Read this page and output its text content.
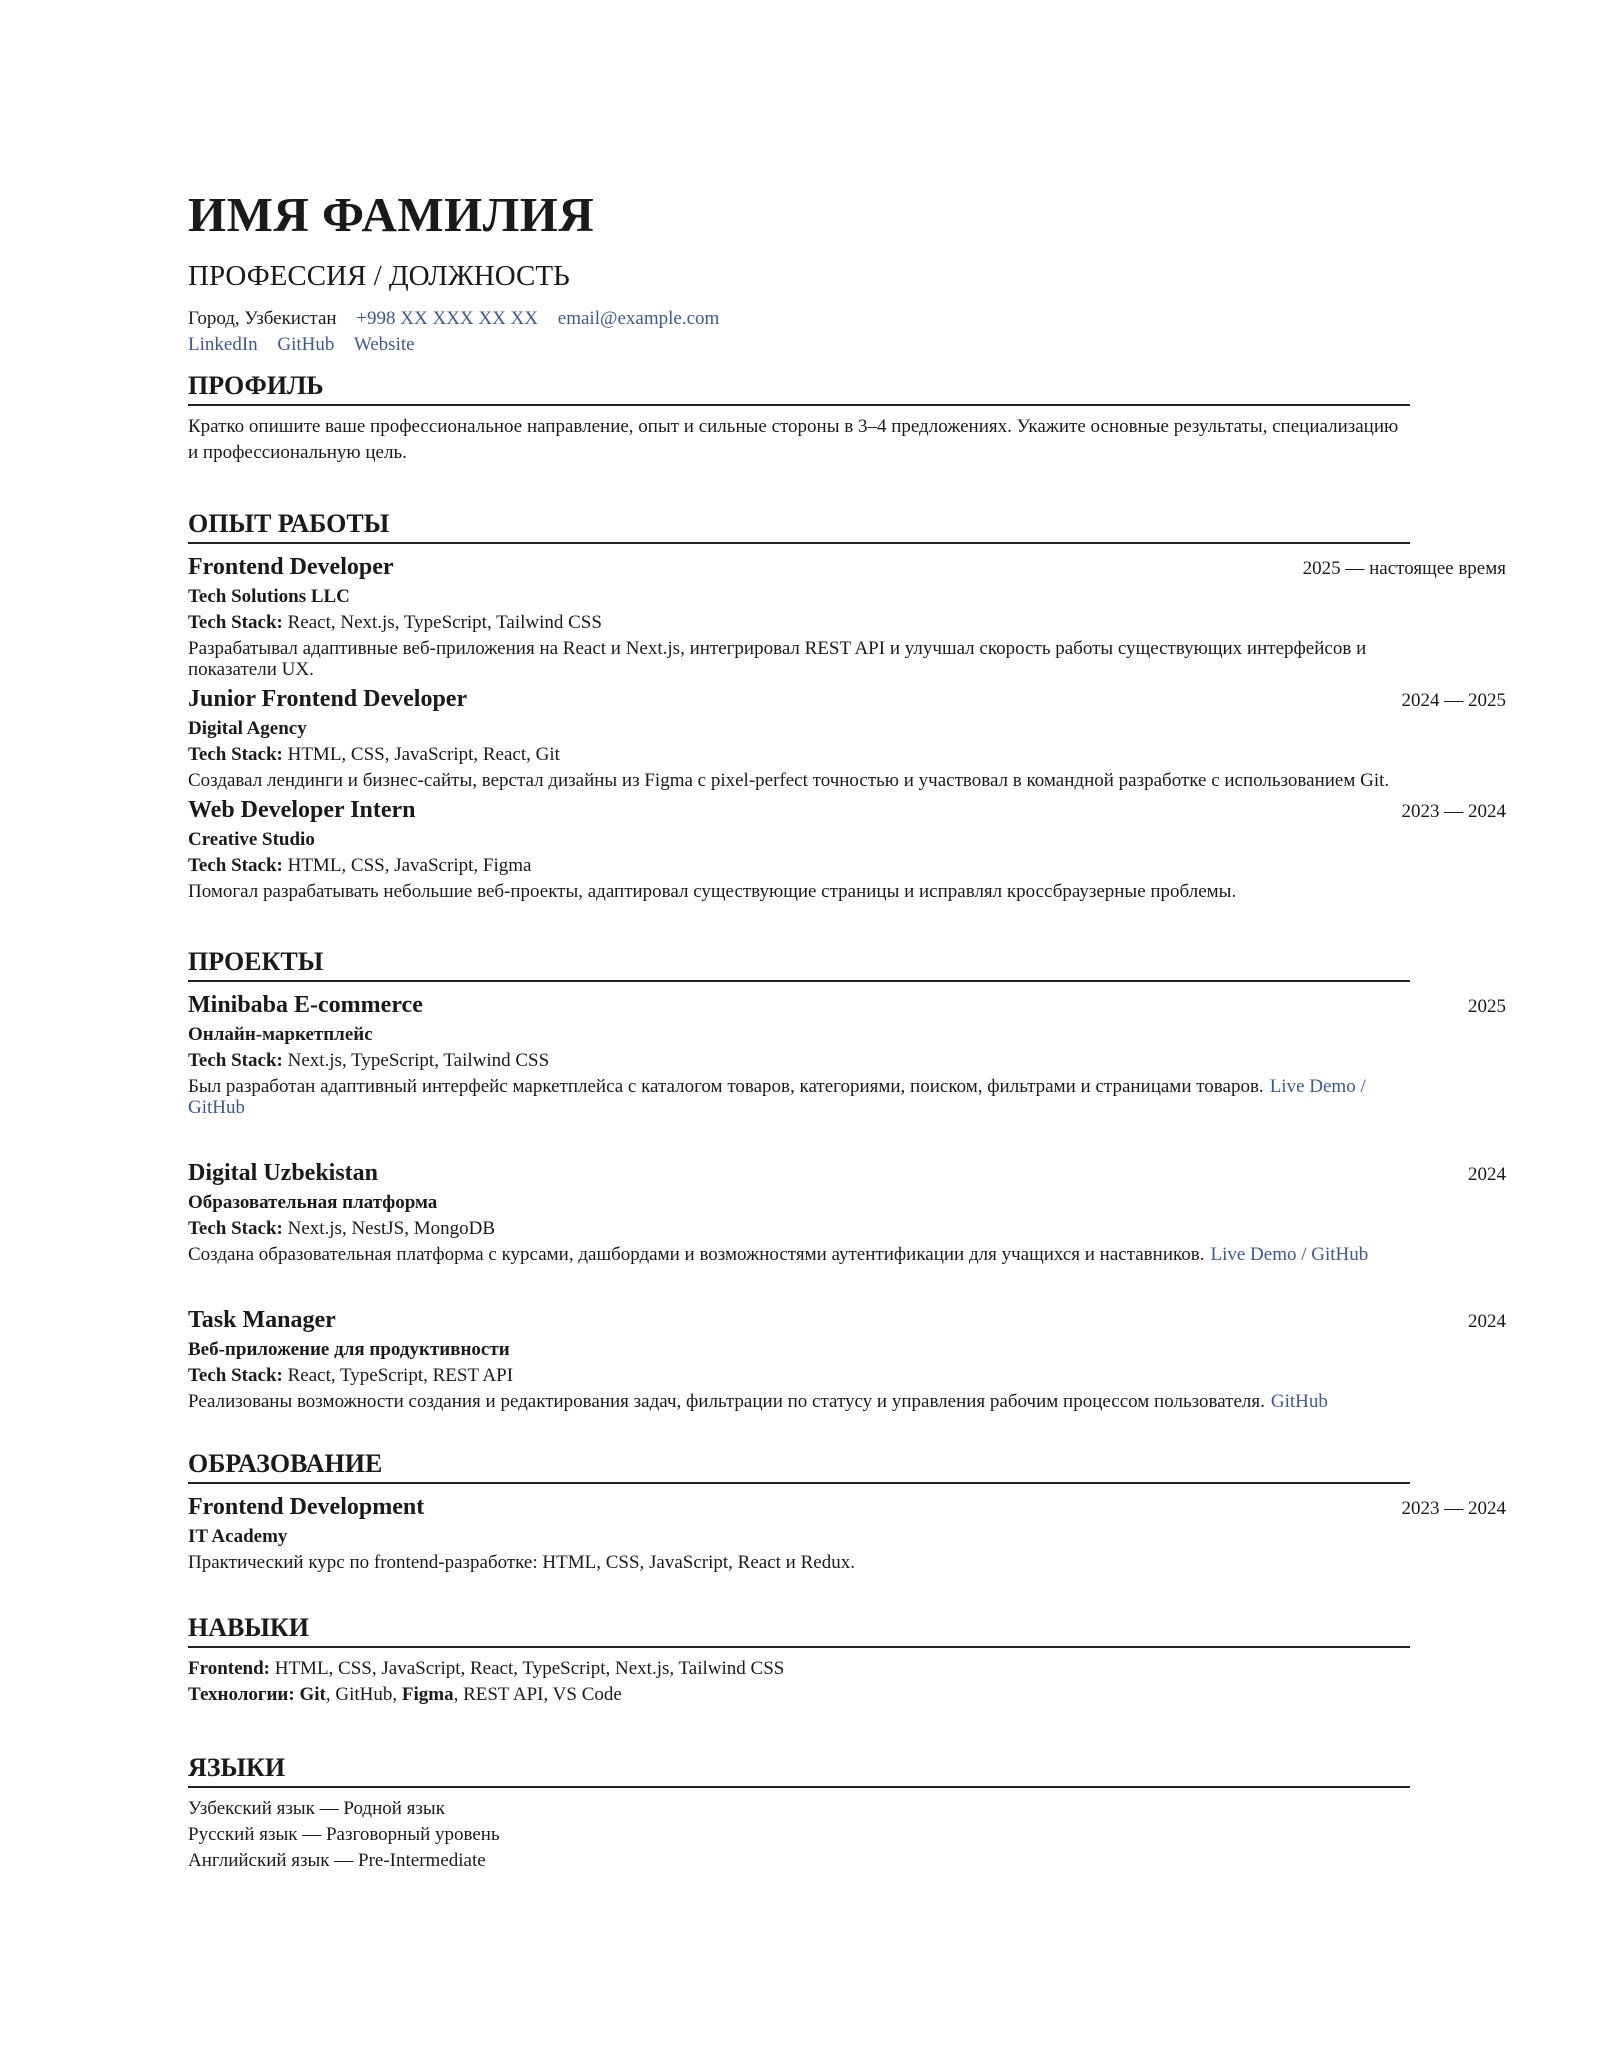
ИМЯ ФАМИЛИЯ
ПРОФЕССИЯ / ДОЛЖНОСТЬ
Город, Узбекистан +998 XX XXX XX XX email@example.com
LinkedIn GitHub Website
ПРОФИЛЬ
Кратко опишите ваше профессиональное направление, опыт и сильные стороны в 3–4 предложениях. Укажите основные результаты, специализацию и профессиональную цель.
ОПЫТ РАБОТЫ
Frontend Developer	2025 — настоящее время
Tech Solutions LLC
Tech Stack: React, Next.js, TypeScript, Tailwind CSS
Разрабатывал адаптивные веб-приложения на React и Next.js, интегрировал REST API и улучшал скорость работы существующих интерфейсов и показатели UX.
Junior Frontend Developer	2024 — 2025
Digital Agency
Tech Stack: HTML, CSS, JavaScript, React, Git
Создавал лендинги и бизнес-сайты, верстал дизайны из Figma с pixel-perfect точностью и участвовал в командной разработке с использованием Git.
Web Developer Intern	2023 — 2024
Creative Studio
Tech Stack: HTML, CSS, JavaScript, Figma
Помогал разрабатывать небольшие веб-проекты, адаптировал существующие страницы и исправлял кроссбраузерные проблемы.
ПРОЕКТЫ
Minibaba E-commerce	2025
Онлайн-маркетплейс
Tech Stack: Next.js, TypeScript, Tailwind CSS
Был разработан адаптивный интерфейс маркетплейса с каталогом товаров, категориями, поиском, фильтрами и страницами товаров. Live Demo / GitHub
Digital Uzbekistan	2024
Образовательная платформа
Tech Stack: Next.js, NestJS, MongoDB
Создана образовательная платформа с курсами, дашбордами и возможностями аутентификации для учащихся и наставников. Live Demo / GitHub
Task Manager	2024
Веб-приложение для продуктивности
Tech Stack: React, TypeScript, REST API
Реализованы возможности создания и редактирования задач, фильтрации по статусу и управления рабочим процессом пользователя. GitHub
ОБРАЗОВАНИЕ
Frontend Development	2023 — 2024
IT Academy
Практический курс по frontend-разработке: HTML, CSS, JavaScript, React и Redux.
НАВЫКИ
Frontend: HTML, CSS, JavaScript, React, TypeScript, Next.js, Tailwind CSS
Технологии: Git, GitHub, Figma, REST API, VS Code
ЯЗЫКИ
Узбекский язык — Родной язык
Русский язык — Разговорный уровень
Английский язык — Pre-Intermediate
